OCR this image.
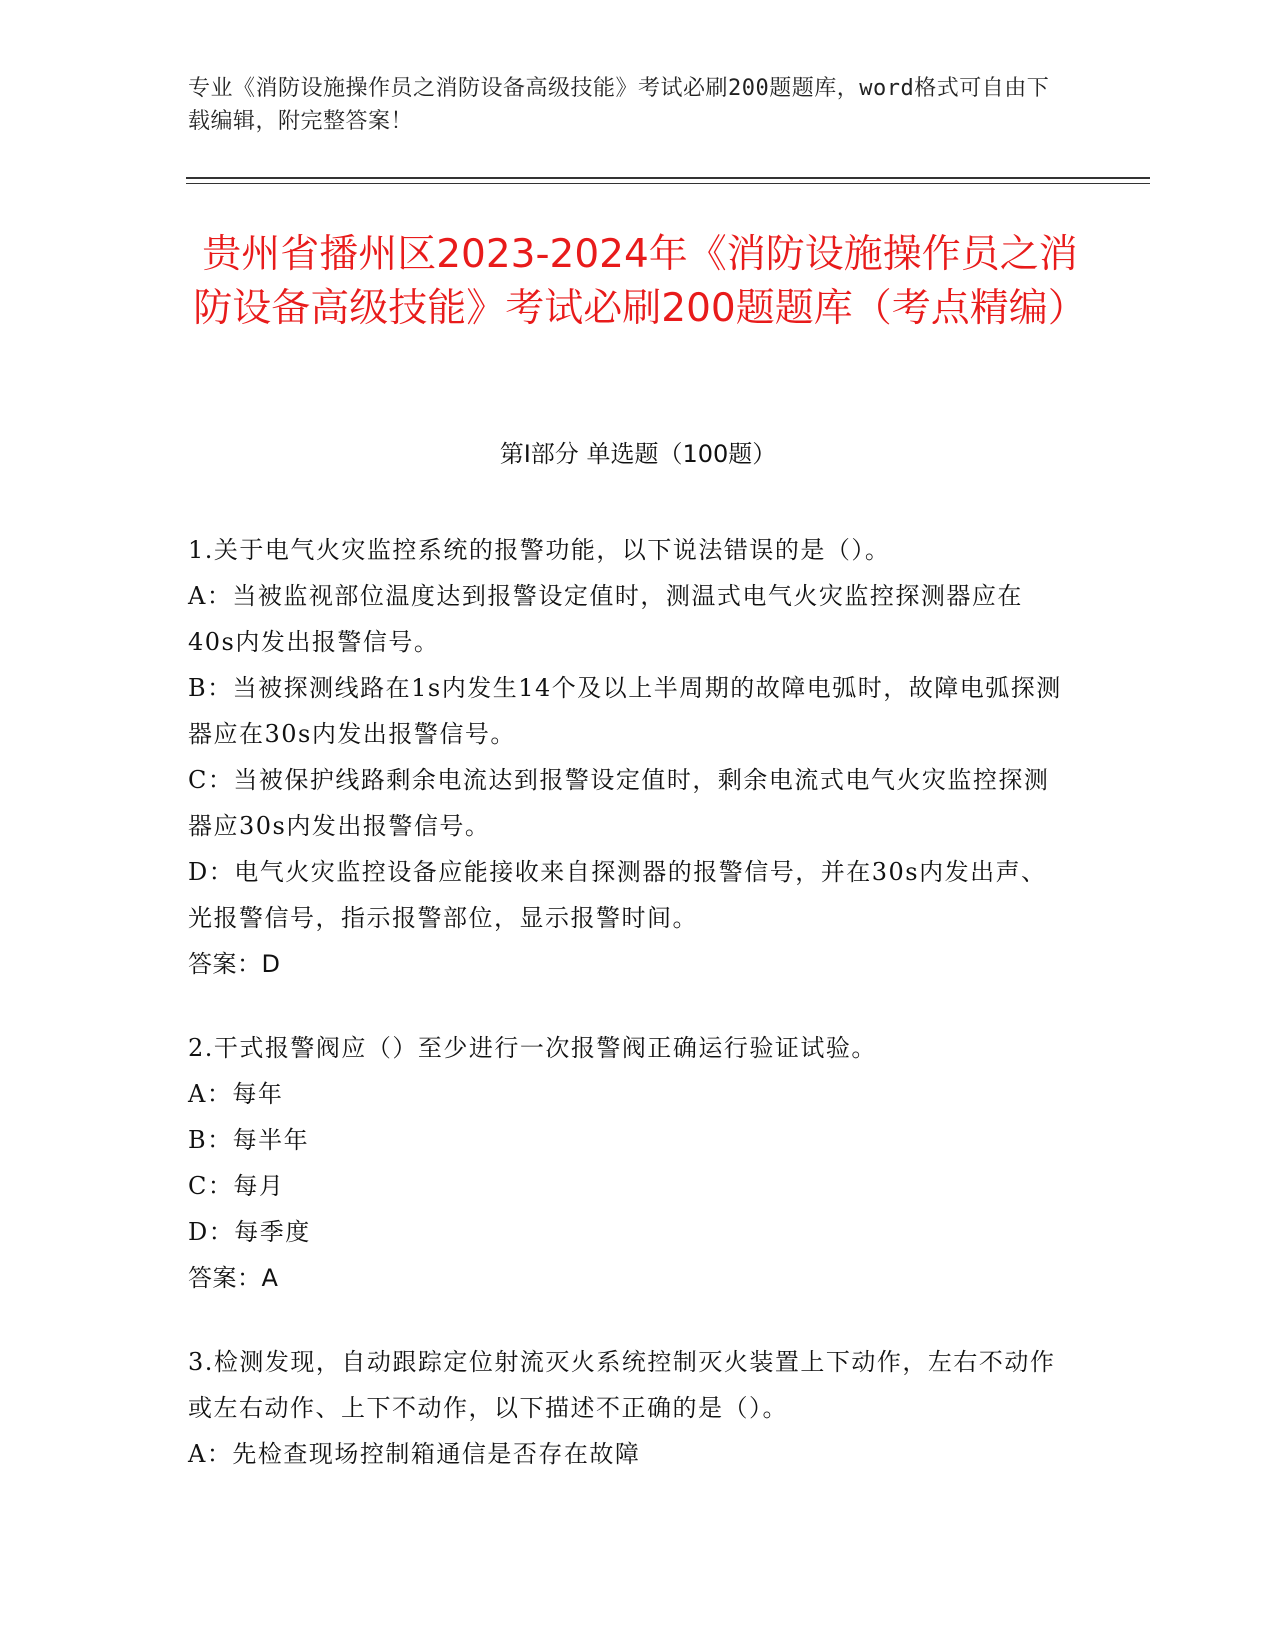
专业《消防设施操作员之消防设备高级技能》考试必刷200题题库，word格式可自由下载编辑，附完整答案！
贵州省播州区2023-2024年《消防设施操作员之消防设备高级技能》考试必刷200题题库（考点精编）
第I部分 单选题（100题）

1.关于电气火灾监控系统的报警功能，以下说法错误的是（）。

A：当被监视部位温度达到报警设定值时，测温式电气火灾监控探测器应在40s内发出报警信号。

B：当被探测线路在1s内发生14个及以上半周期的故障电弧时，故障电弧探测器应在30s内发出报警信号。

C：当被保护线路剩余电流达到报警设定值时，剩余电流式电气火灾监控探测器应30s内发出报警信号。

D：电气火灾监控设备应能接收来自探测器的报警信号，并在30s内发出声、光报警信号，指示报警部位，显示报警时间。

答案：D

2.干式报警阀应（）至少进行一次报警阀正确运行验证试验。

A：每年

B：每半年

C：每月

D：每季度

答案：A

3.检测发现，自动跟踪定位射流灭火系统控制灭火装置上下动作，左右不动作或左右动作、上下不动作，以下描述不正确的是（）。

A：先检查现场控制箱通信是否存在故障
